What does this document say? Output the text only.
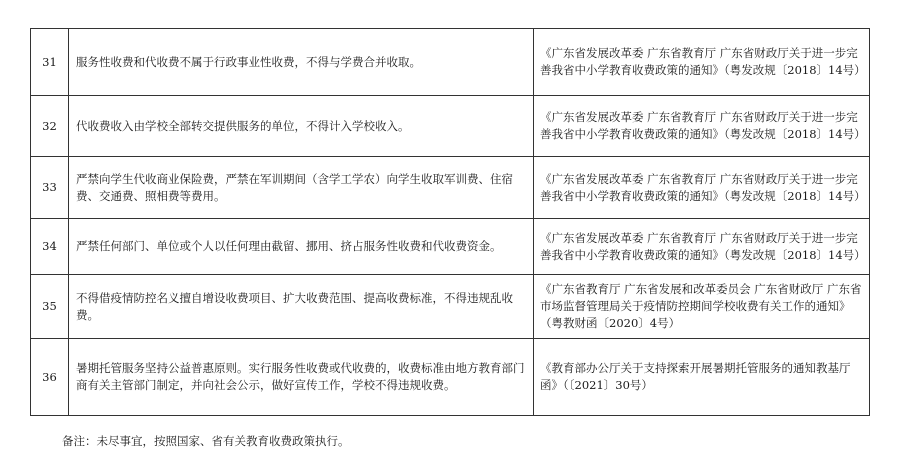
31	服务性收费和代收费不属于行政事业性收费，不得与学费合并收取。	《广东省发展改革委 广东省教育厅 广东省财政厅关于进一步完善我省中小学教育收费政策的通知》（粤发改规〔2018〕14号）
32	代收费收入由学校全部转交提供服务的单位，不得计入学校收入。	《广东省发展改革委 广东省教育厅 广东省财政厅关于进一步完善我省中小学教育收费政策的通知》（粤发改规〔2018〕14号）
33	严禁向学生代收商业保险费，严禁在军训期间（含学工学农）向学生收取军训费、住宿费、交通费、照相费等费用。	《广东省发展改革委 广东省教育厅 广东省财政厅关于进一步完善我省中小学教育收费政策的通知》（粤发改规〔2018〕14号）
34	严禁任何部门、单位或个人以任何理由截留、挪用、挤占服务性收费和代收费资金。	《广东省发展改革委 广东省教育厅 广东省财政厅关于进一步完善我省中小学教育收费政策的通知》（粤发改规〔2018〕14号）
35	不得借疫情防控名义擅自增设收费项目、扩大收费范围、提高收费标准，不得违规乱收费。	《广东省教育厅 广东省发展和改革委员会 广东省财政厅 广东省市场监督管理局关于疫情防控期间学校收费有关工作的通知》（粤教财函〔2020〕4号）
36	暑期托管服务坚持公益普惠原则。实行服务性收费或代收费的，收费标准由地方教育部门商有关主管部门制定，并向社会公示，做好宣传工作，学校不得违规收费。	《教育部办公厅关于支持探索开展暑期托管服务的通知教基厅函》（〔2021〕30号）
备注：未尽事宜，按照国家、省有关教育收费政策执行。
